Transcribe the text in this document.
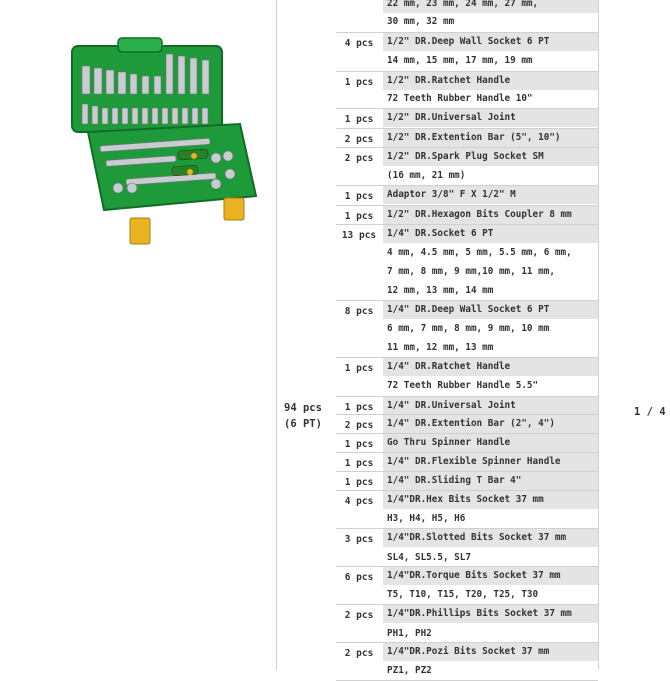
94 pcs
(6 PT)
1 / 4
22 mm, 23 mm, 24 mm, 27 mm,
30 mm, 32 mm
4 pcs	1/2" DR.Deep Wall Socket 6 PT
14 mm, 15 mm, 17 mm, 19 mm
1 pcs	1/2" DR.Ratchet Handle
72 Teeth Rubber Handle 10"
1 pcs	1/2" DR.Universal Joint
2 pcs	1/2" DR.Extention Bar (5", 10")
2 pcs	1/2" DR.Spark Plug Socket SM
(16 mm, 21 mm)
1 pcs	Adaptor 3/8" F X 1/2" M
1 pcs	1/2" DR.Hexagon Bits Coupler 8 mm
13 pcs	1/4" DR.Socket 6 PT
4 mm, 4.5 mm, 5 mm, 5.5 mm, 6 mm,
7 mm, 8 mm, 9 mm,10 mm, 11 mm,
12 mm, 13 mm, 14 mm
8 pcs	1/4" DR.Deep Wall Socket 6 PT
6 mm, 7 mm, 8 mm, 9 mm, 10 mm
11 mm, 12 mm, 13 mm
1 pcs	1/4" DR.Ratchet Handle
72 Teeth Rubber Handle 5.5"
1 pcs	1/4" DR.Universal Joint
2 pcs	1/4" DR.Extention Bar (2", 4")
1 pcs	Go Thru Spinner Handle
1 pcs	1/4" DR.Flexible Spinner Handle
1 pcs	1/4" DR.Sliding T Bar 4"
4 pcs	1/4"DR.Hex Bits Socket 37 mm
H3, H4, H5, H6
3 pcs	1/4"DR.Slotted Bits Socket 37 mm
SL4, SL5.5, SL7
6 pcs	1/4"DR.Torque Bits Socket 37 mm
T5, T10, T15, T20, T25, T30
2 pcs	1/4"DR.Phillips Bits Socket 37 mm
PH1, PH2
2 pcs	1/4"DR.Pozi Bits Socket 37 mm
PZ1, PZ2
